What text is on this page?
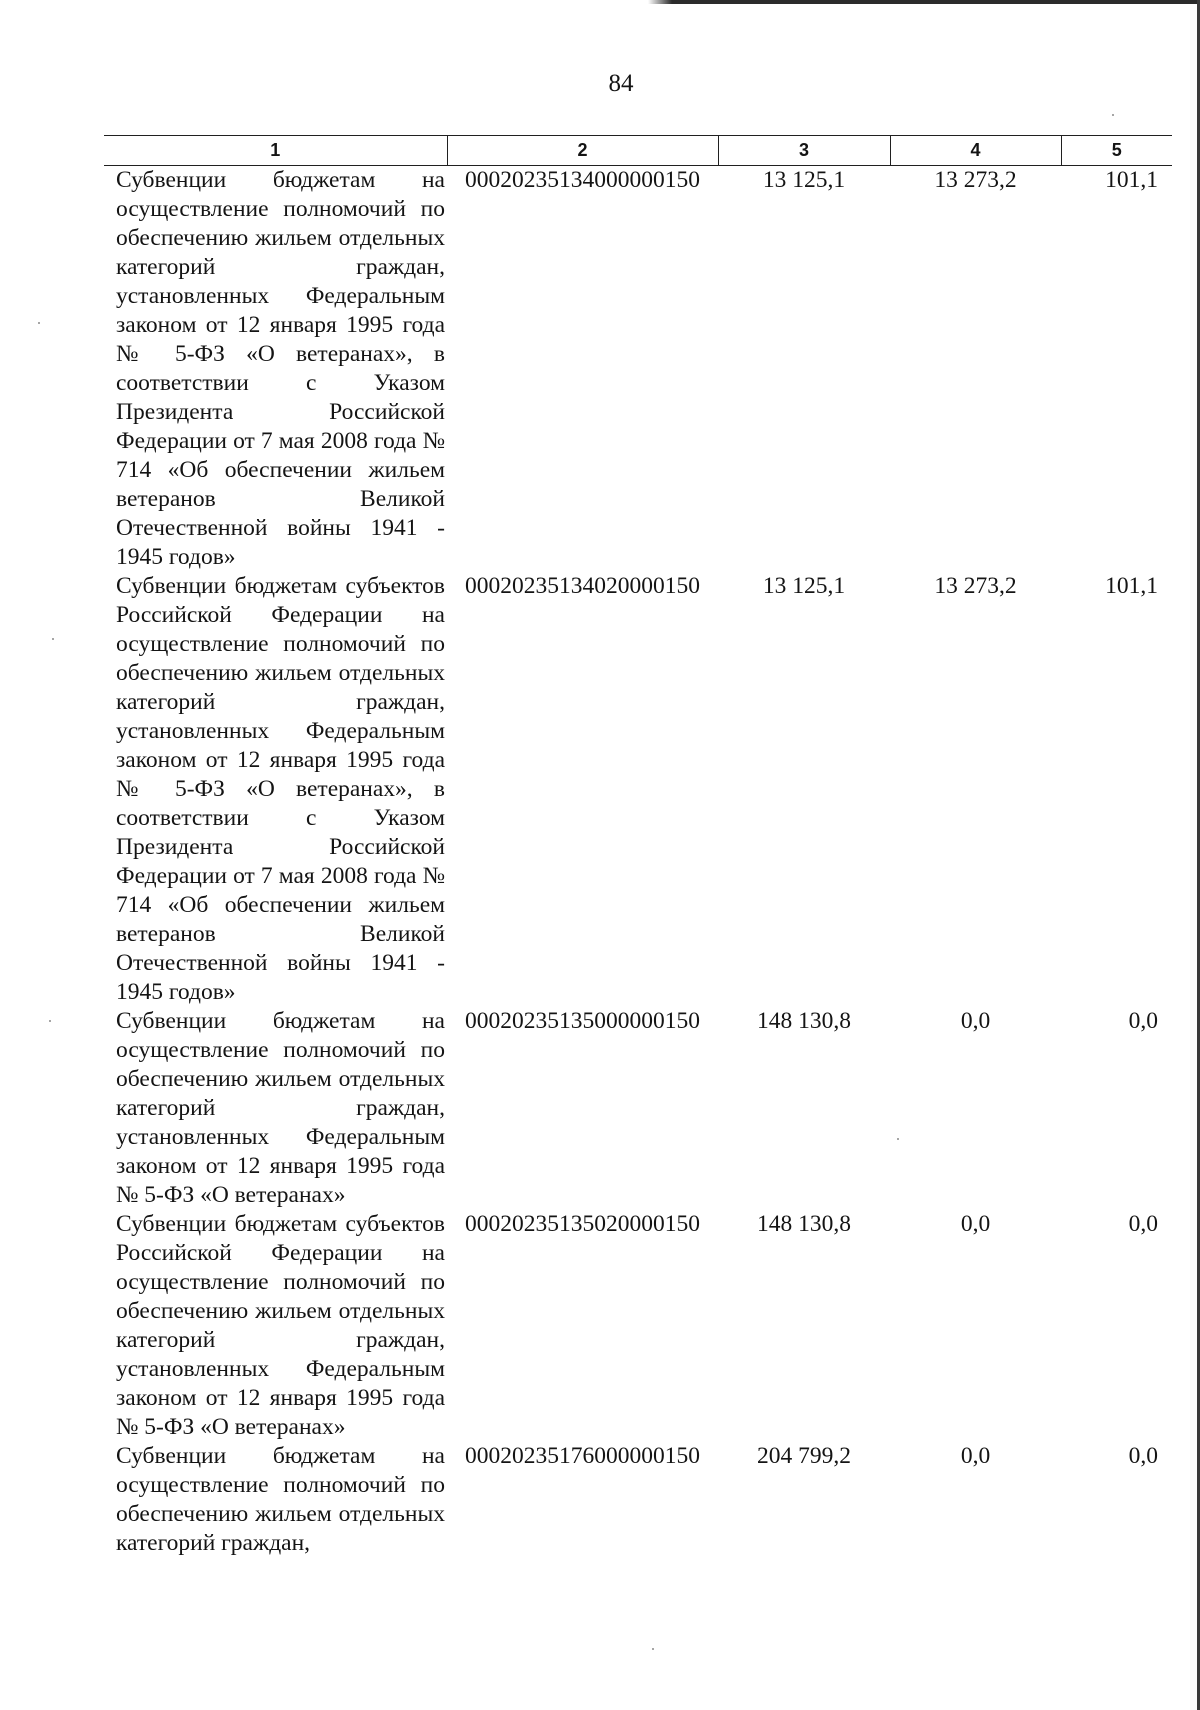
84
1	2	3	4	5
Субвенции бюджетам на осуществление полномочий по обеспечению жильем отдельных категорий граждан, установленных Федеральным законом от 12 января 1995 года № 5-ФЗ «О ветеранах», в соответствии с Указом Президента Российской Федерации от 7 мая 2008 года № 714 «Об обеспечении жильем ветеранов Великой Отечественной войны 1941 - 1945 годов»	00020235134000000150	13 125,1	13 273,2	101,1
Субвенции бюджетам субъектов Российской Федерации на осуществление полномочий по обеспечению жильем отдельных категорий граждан, установленных Федеральным законом от 12 января 1995 года № 5-ФЗ «О ветеранах», в соответствии с Указом Президента Российской Федерации от 7 мая 2008 года № 714 «Об обеспечении жильем ветеранов Великой Отечественной войны 1941 - 1945 годов»	00020235134020000150	13 125,1	13 273,2	101,1
Субвенции бюджетам на осуществление полномочий по обеспечению жильем отдельных категорий граждан, установленных Федеральным законом от 12 января 1995 года № 5-ФЗ «О ветеранах»	00020235135000000150	148 130,8	0,0	0,0
Субвенции бюджетам субъектов Российской Федерации на осуществление полномочий по обеспечению жильем отдельных категорий граждан, установленных Федеральным законом от 12 января 1995 года № 5-ФЗ «О ветеранах»	00020235135020000150	148 130,8	0,0	0,0
Субвенции бюджетам на осуществление полномочий по обеспечению жильем отдельных категорий граждан,	00020235176000000150	204 799,2	0,0	0,0
